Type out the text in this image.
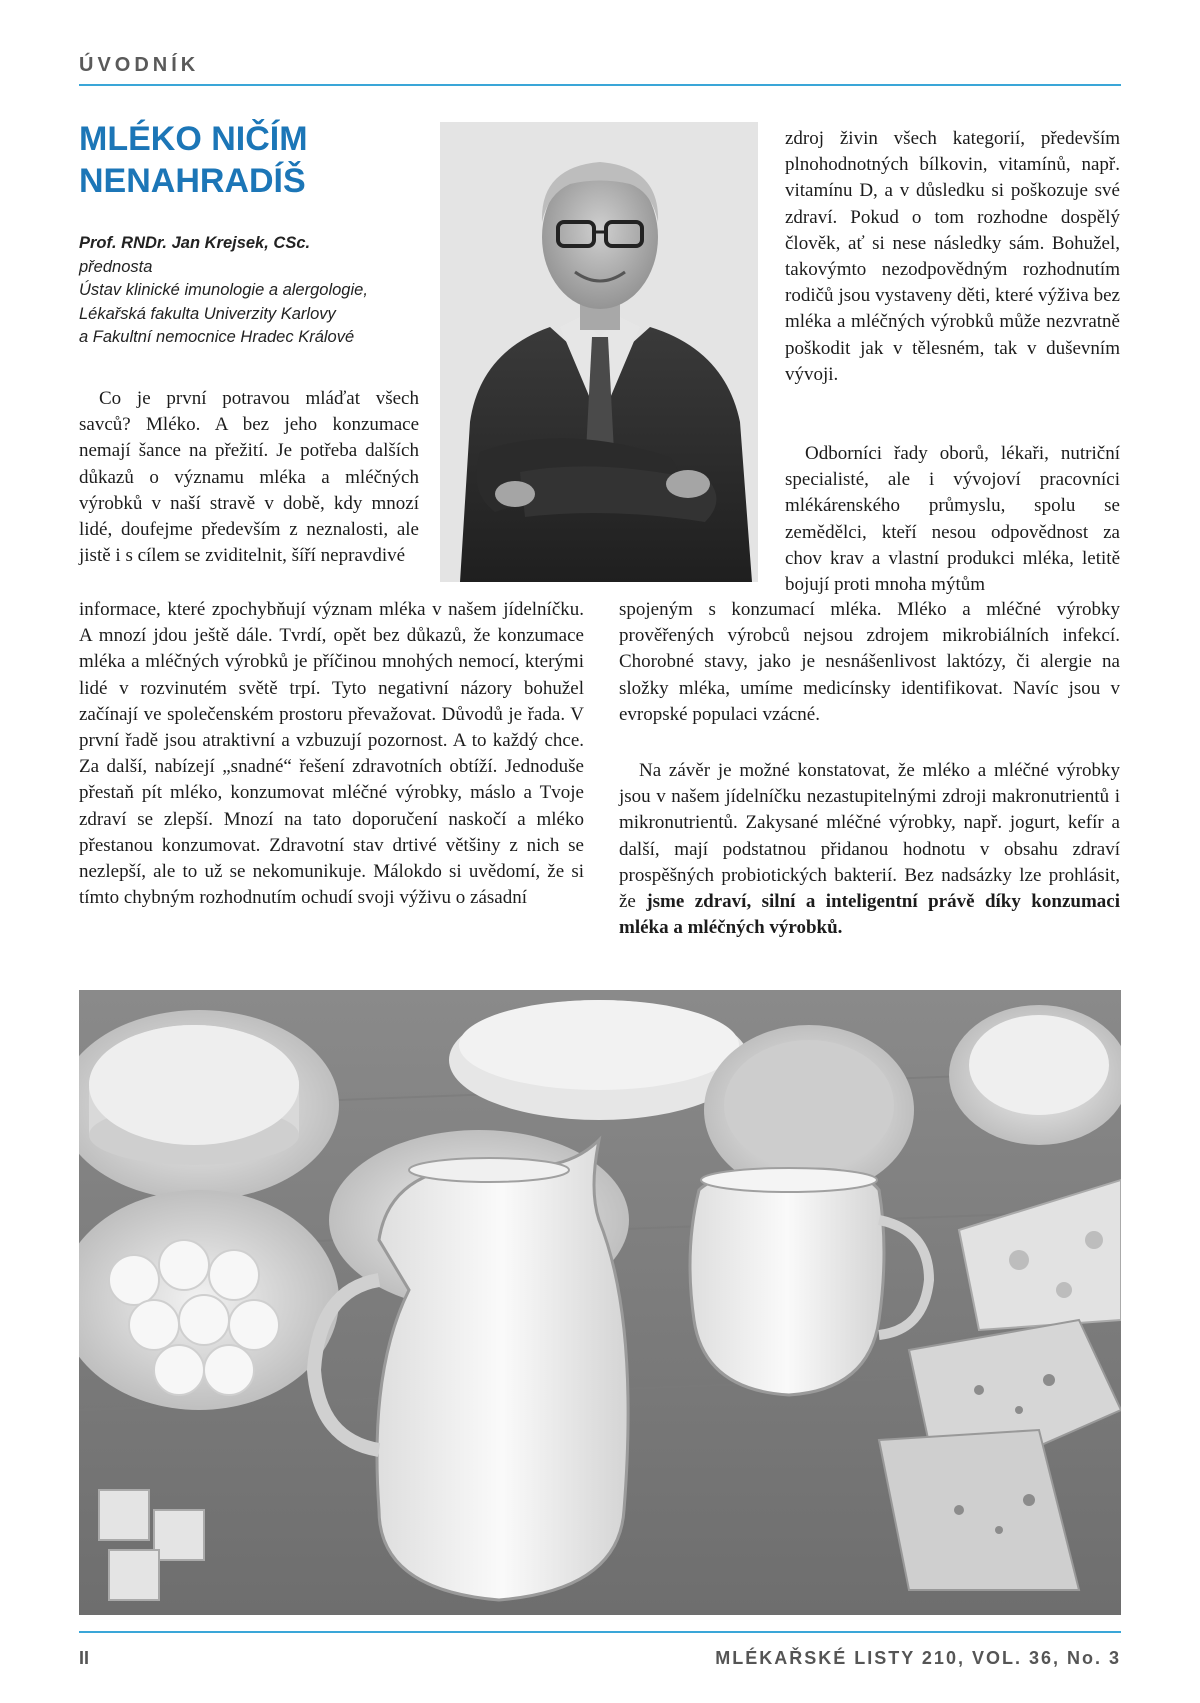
ÚVODNÍK
MLÉKO NIČÍM
NENAHRADÍŠ
Prof. RNDr. Jan Krejsek, CSc.
přednosta
Ústav klinické imunologie a alergologie,
Lékařská fakulta Univerzity Karlovy
a Fakultní nemocnice Hradec Králové

Co je první potravou mláďat všech savců? Mléko. A bez jeho konzumace nemají šance na přežití. Je potřeba dalších důkazů o významu mléka a mléčných výrobků v naší stravě v době, kdy mnozí lidé, doufejme především z neznalosti, ale jistě i s cílem se zviditelnit, šíří nepravdivé

informace, které zpochybňují význam mléka v našem jídelníčku. A mnozí jdou ještě dále. Tvrdí, opět bez důkazů, že konzumace mléka a mléčných výrobků je příčinou mnohých nemocí, kterými lidé v rozvinutém světě trpí. Tyto negativní názory bohužel začínají ve společenském prostoru převažovat. Důvodů je řada. V první řadě jsou atraktivní a vzbuzují pozornost. A to každý chce. Za další, nabízejí „snadné“ řešení zdravotních obtíží. Jednoduše přestaň pít mléko, konzumovat mléčné výrobky, máslo a Tvoje zdraví se zlepší. Mnozí na tato doporučení naskočí a mléko přestanou konzumovat. Zdravotní stav drtivé většiny z nich se nezlepší, ale to už se nekomunikuje. Málokdo si uvědomí, že si tímto chybným rozhodnutím ochudí svoji výživu o zásadní

zdroj živin všech kategorií, především plnohodnotných bílkovin, vitamínů, např. vitamínu D, a v důsledku si poškozuje své zdraví. Pokud o tom rozhodne dospělý člověk, ať si nese následky sám. Bohužel, takovýmto nezodpovědným rozhodnutím rodičů jsou vystaveny děti, které výživa bez mléka a mléčných výrobků může nezvratně poškodit jak v tělesném, tak v duševním vývoji.

Odborníci řady oborů, lékaři, nutriční specialisté, ale i vývojoví pracovníci mlékárenského průmyslu, spolu se zemědělci, kteří nesou odpovědnost za chov krav a vlastní produkci mléka, letitě bojují proti mnoha mýtům

spojeným s konzumací mléka. Mléko a mléčné výrobky prověřených výrobců nejsou zdrojem mikrobiálních infekcí. Chorobné stavy, jako je nesnášenlivost laktózy, či alergie na složky mléka, umíme medicínsky identifikovat. Navíc jsou v evropské populaci vzácné.

Na závěr je možné konstatovat, že mléko a mléčné výrobky jsou v našem jídelníčku nezastupitelnými zdroji makronutrientů i mikronutrientů. Zakysané mléčné výrobky, např. jogurt, kefír a další, mají podstatnou přidanou hodnotu v obsahu zdraví prospěšných probiotických bakterií. Bez nadsázky lze prohlásit, že jsme zdraví, silní a inteligentní právě díky konzumaci mléka a mléčných výrobků.

II	MLÉKAŘSKÉ LISTY 210, VOL. 36, No. 3
